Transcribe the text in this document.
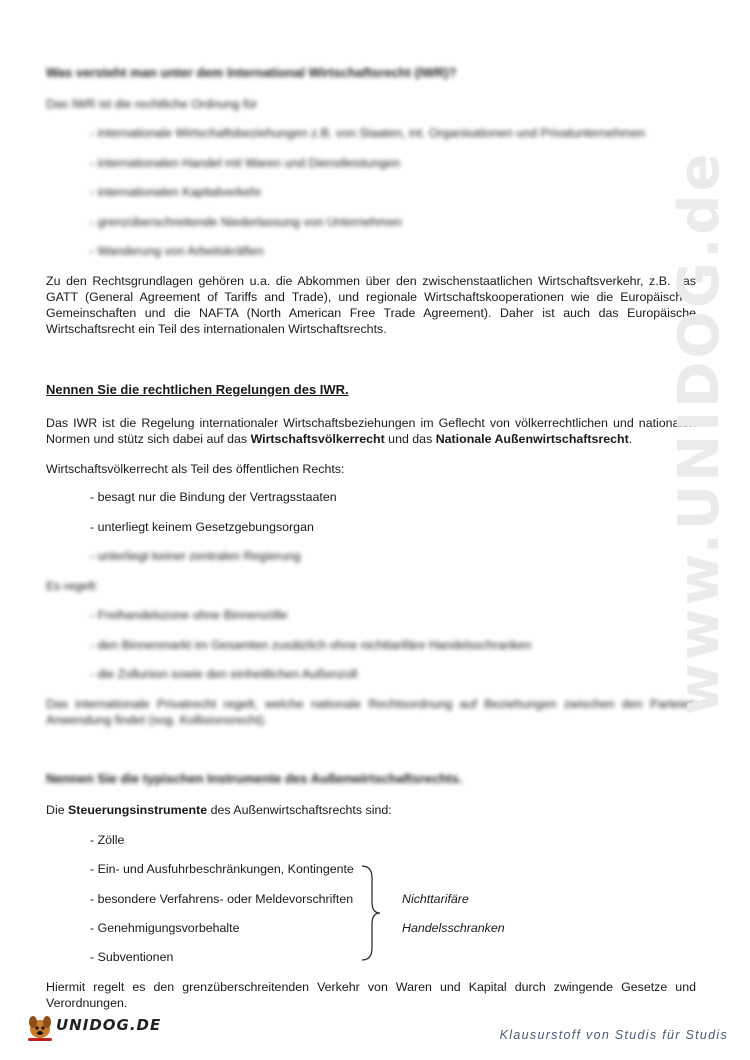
Was versteht man unter dem International Wirtschaftsrecht (IWR)?
Das IWR ist die rechtliche Ordnung für
- internationale Wirtschaftsbeziehungen z.B. von Staaten, int. Organisationen und Privatunternehmen
- internationalen Handel mit Waren und Dienstleistungen
- internationalen Kapitalverkehr
- grenzüberschreitende Niederlassung von Unternehmen
- Wanderung von Arbeitskräften
Zu den Rechtsgrundlagen gehören u.a. die Abkommen über den zwischenstaatlichen Wirtschaftsverkehr, z.B. das GATT (General Agreement of Tariffs and Trade), und regionale Wirtschaftskooperationen wie die Europäischen Gemeinschaften und die NAFTA (North American Free Trade Agreement). Daher ist auch das Europäische Wirtschaftsrecht ein Teil des internationalen Wirtschaftsrechts.
Nennen Sie die rechtlichen Regelungen des IWR.
Das IWR ist die Regelung internationaler Wirtschaftsbeziehungen im Geflecht von völkerrechtlichen und nationalen Normen und stütz sich dabei auf das Wirtschaftsvölkerrecht und das Nationale Außenwirtschaftsrecht.
Wirtschaftsvölkerrecht als Teil des öffentlichen Rechts:
- besagt nur die Bindung der Vertragsstaaten
- unterliegt keinem Gesetzgebungsorgan
- unterliegt keiner zentralen Regierung
Es regelt:
- Freihandelszone ohne Binnenzölle
- den Binnenmarkt im Gesamten zusätzlich ohne nichttarifäre Handelsschranken
- die Zollunion sowie den einheitlichen Außenzoll
Das internationale Privatrecht regelt, welche nationale Rechtsordnung auf Beziehungen zwischen den Parteien Anwendung findet (sog. Kollisionsrecht).
Nennen Sie die typischen Instrumente des Außenwirtschaftsrechts.
Die Steuerungsinstrumente des Außenwirtschaftsrechts sind:
- Zölle
- Ein- und Ausfuhrbeschränkungen, Kontingente
- besondere Verfahrens- oder Meldevorschriften
- Genehmigungsvorbehalte
- Subventionen
Nichttarifäre
Handelsschranken
Hiermit regelt es den grenzüberschreitenden Verkehr von Waren und Kapital durch zwingende Gesetze und Verordnungen.
www.UNIDOG.de
UNIDOG.DE
Klausurstoff von Studis für Studis
